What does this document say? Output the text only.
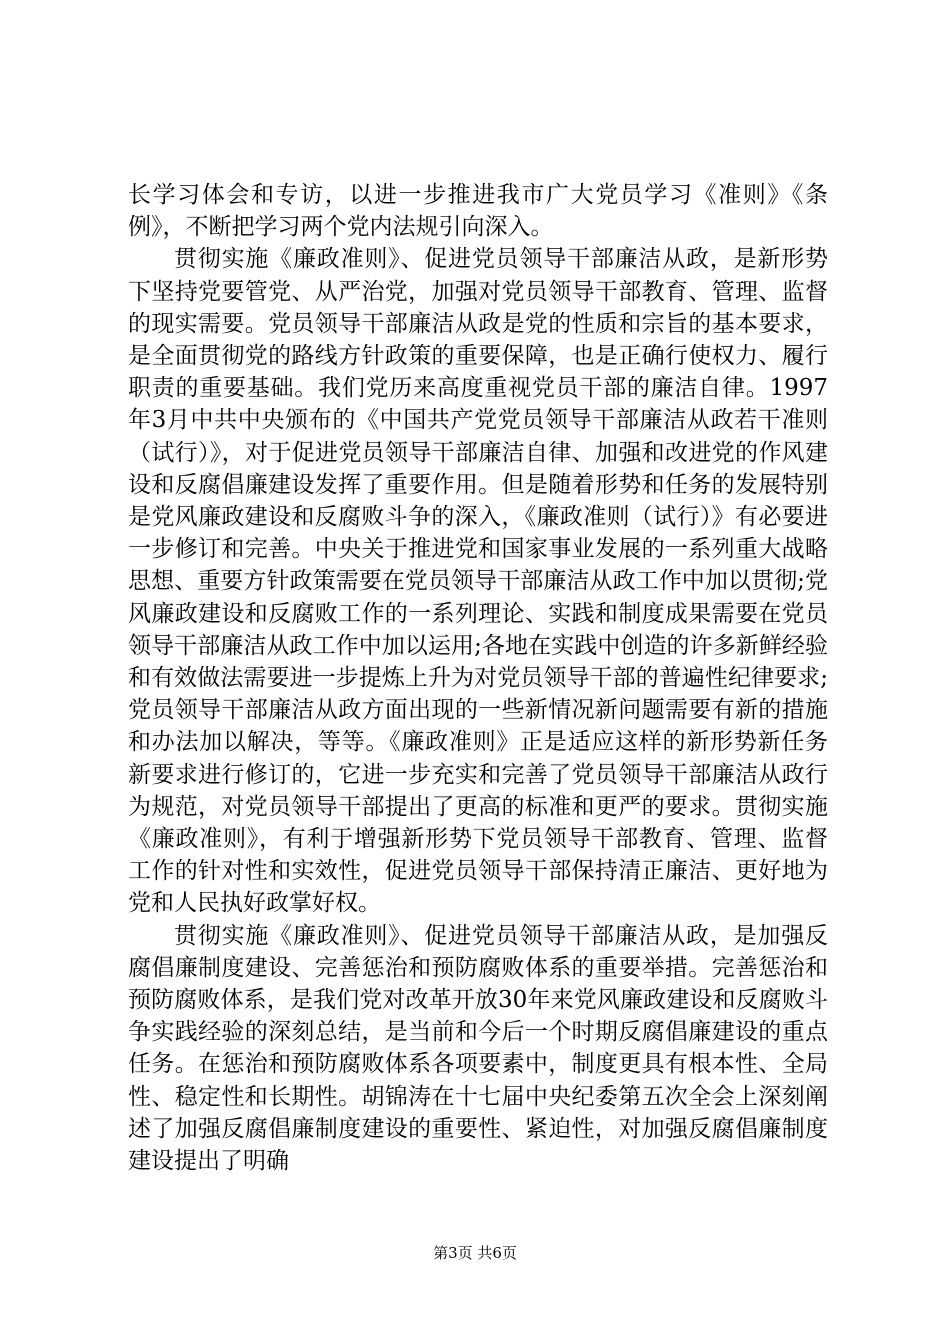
长学习体会和专访，以进一步推进我市广大党员学习《准则》《条例》，不断把学习两个党内法规引向深入。

贯彻实施《廉政准则》、促进党员领导干部廉洁从政，是新形势下坚持党要管党、从严治党，加强对党员领导干部教育、管理、监督的现实需要。党员领导干部廉洁从政是党的性质和宗旨的基本要求，是全面贯彻党的路线方针政策的重要保障，也是正确行使权力、履行职责的重要基础。我们党历来高度重视党员干部的廉洁自律。1997年3月中共中央颁布的《中国共产党党员领导干部廉洁从政若干准则（试行）》，对于促进党员领导干部廉洁自律、加强和改进党的作风建设和反腐倡廉建设发挥了重要作用。但是随着形势和任务的发展特别是党风廉政建设和反腐败斗争的深入，《廉政准则（试行）》有必要进一步修订和完善。中央关于推进党和国家事业发展的一系列重大战略思想、重要方针政策需要在党员领导干部廉洁从政工作中加以贯彻;党风廉政建设和反腐败工作的一系列理论、实践和制度成果需要在党员领导干部廉洁从政工作中加以运用;各地在实践中创造的许多新鲜经验和有效做法需要进一步提炼上升为对党员领导干部的普遍性纪律要求;党员领导干部廉洁从政方面出现的一些新情况新问题需要有新的措施和办法加以解决，等等。《廉政准则》正是适应这样的新形势新任务新要求进行修订的，它进一步充实和完善了党员领导干部廉洁从政行为规范，对党员领导干部提出了更高的标准和更严的要求。贯彻实施《廉政准则》，有利于增强新形势下党员领导干部教育、管理、监督工作的针对性和实效性，促进党员领导干部保持清正廉洁、更好地为党和人民执好政掌好权。

贯彻实施《廉政准则》、促进党员领导干部廉洁从政，是加强反腐倡廉制度建设、完善惩治和预防腐败体系的重要举措。完善惩治和预防腐败体系，是我们党对改革开放30年来党风廉政建设和反腐败斗争实践经验的深刻总结，是当前和今后一个时期反腐倡廉建设的重点任务。在惩治和预防腐败体系各项要素中，制度更具有根本性、全局性、稳定性和长期性。胡锦涛在十七届中央纪委第五次全会上深刻阐述了加强反腐倡廉制度建设的重要性、紧迫性，对加强反腐倡廉制度建设提出了明确

第3页 共6页
